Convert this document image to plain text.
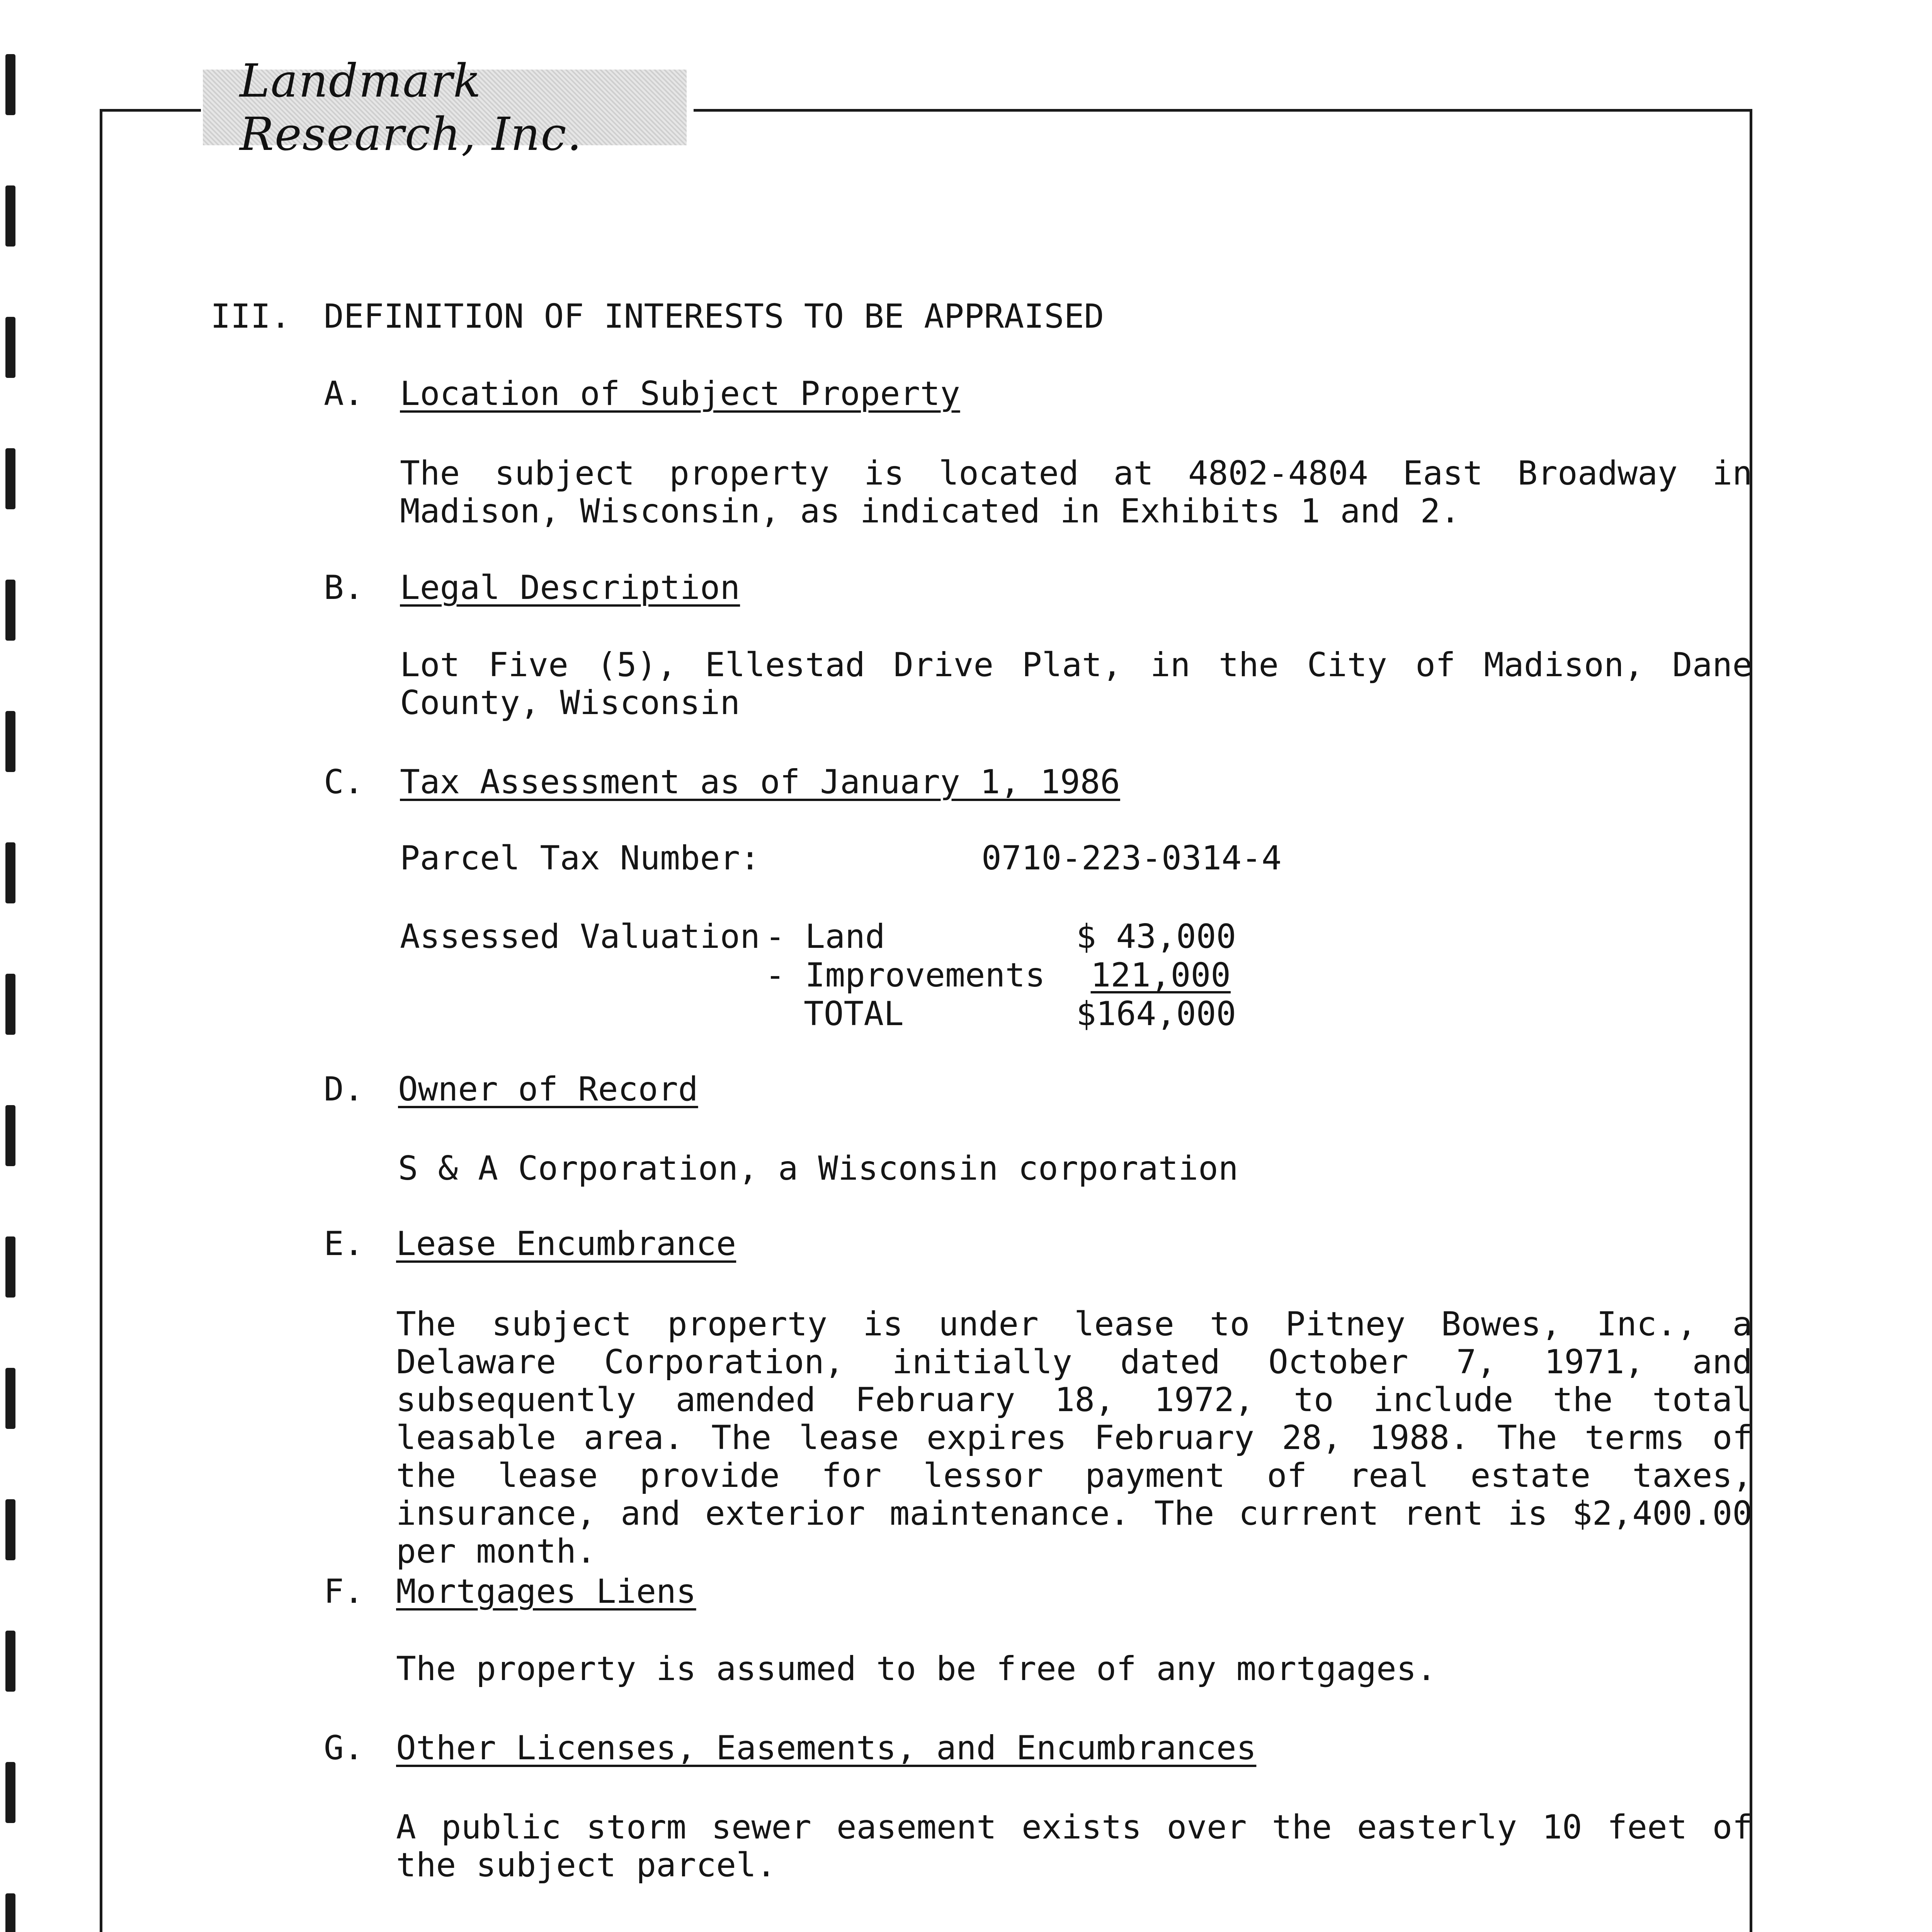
Landmark Research, Inc.
III. DEFINITION OF INTERESTS TO BE APPRAISED
A. Location of Subject Property
The subject property is located at 4802-4804 East Broadway in Madison, Wisconsin, as indicated in Exhibits 1 and 2.
B. Legal Description
Lot Five (5), Ellestad Drive Plat, in the City of Madison, Dane County, Wisconsin
C. Tax Assessment as of January 1, 1986
Parcel Tax Number:	0710-223-0314-4
Assessed Valuation - Land	$ 43,000
- Improvements	121,000
TOTAL	$164,000
D. Owner of Record
S & A Corporation, a Wisconsin corporation
E. Lease Encumbrance
The subject property is under lease to Pitney Bowes, Inc., a Delaware Corporation, initially dated October 7, 1971, and subsequently amended February 18, 1972, to include the total leasable area. The lease expires February 28, 1988. The terms of the lease provide for lessor payment of real estate taxes, insurance, and exterior maintenance. The current rent is $2,400.00 per month.
F. Mortgages Liens
The property is assumed to be free of any mortgages.
G. Other Licenses, Easements, and Encumbrances
A public storm sewer easement exists over the easterly 10 feet of the subject parcel.
